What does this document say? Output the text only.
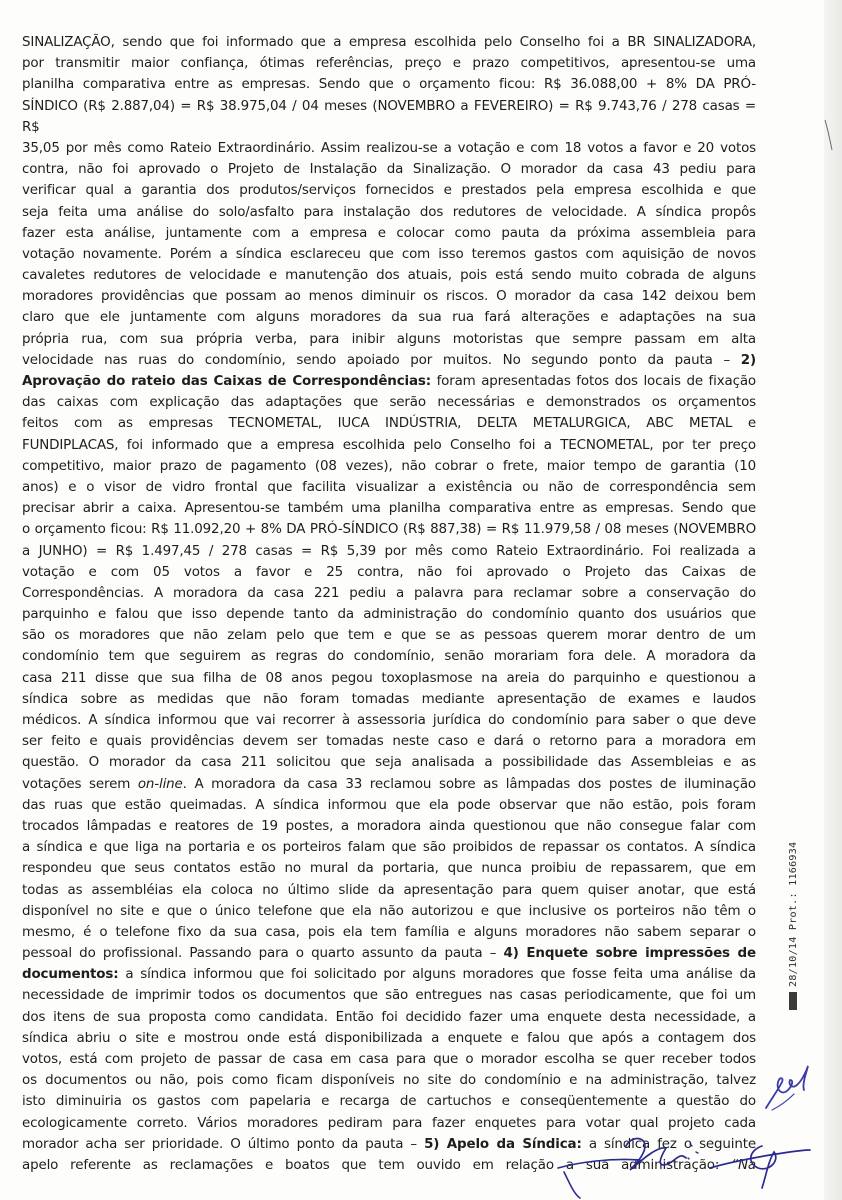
SINALIZAÇÃO, sendo que foi informado que a empresa escolhida pelo Conselho foi a BR SINALIZADORA,
por transmitir maior confiança, ótimas referências, preço e prazo competitivos, apresentou-se uma
planilha comparativa entre as empresas. Sendo que o orçamento ficou: R$ 36.088,00 + 8% DA PRÓ-
SÍNDICO (R$ 2.887,04) = R$ 38.975,04 / 04 meses (NOVEMBRO a FEVEREIRO) = R$ 9.743,76 / 278 casas = R$
35,05 por mês como Rateio Extraordinário. Assim realizou-se a votação e com 18 votos a favor e 20 votos
contra, não foi aprovado o Projeto de Instalação da Sinalização. O morador da casa 43 pediu para
verificar qual a garantia dos produtos/serviços fornecidos e prestados pela empresa escolhida e que
seja feita uma análise do solo/asfalto para instalação dos redutores de velocidade. A síndica propôs
fazer esta análise, juntamente com a empresa e colocar como pauta da próxima assembleia para
votação novamente. Porém a síndica esclareceu que com isso teremos gastos com aquisição de novos
cavaletes redutores de velocidade e manutenção dos atuais, pois está sendo muito cobrada de alguns
moradores providências que possam ao menos diminuir os riscos. O morador da casa 142 deixou bem
claro que ele juntamente com alguns moradores da sua rua fará alterações e adaptações na sua
própria rua, com sua própria verba, para inibir alguns motoristas que sempre passam em alta
velocidade nas ruas do condomínio, sendo apoiado por muitos. No segundo ponto da pauta – 2)
Aprovação do rateio das Caixas de Correspondências: foram apresentadas fotos dos locais de fixação
das caixas com explicação das adaptações que serão necessárias e demonstrados os orçamentos
feitos com as empresas TECNOMETAL, IUCA INDÚSTRIA, DELTA METALURGICA, ABC METAL e
FUNDIPLACAS, foi informado que a empresa escolhida pelo Conselho foi a TECNOMETAL, por ter preço
competitivo, maior prazo de pagamento (08 vezes), não cobrar o frete, maior tempo de garantia (10
anos) e o visor de vidro frontal que facilita visualizar a existência ou não de correspondência sem
precisar abrir a caixa. Apresentou-se também uma planilha comparativa entre as empresas. Sendo que
o orçamento ficou: R$ 11.092,20 + 8% DA PRÓ-SÍNDICO (R$ 887,38) = R$ 11.979,58 / 08 meses (NOVEMBRO
a JUNHO) = R$ 1.497,45 / 278 casas = R$ 5,39 por mês como Rateio Extraordinário. Foi realizada a
votação e com 05 votos a favor e 25 contra, não foi aprovado o Projeto das Caixas de
Correspondências. A moradora da casa 221 pediu a palavra para reclamar sobre a conservação do
parquinho e falou que isso depende tanto da administração do condomínio quanto dos usuários que
são os moradores que não zelam pelo que tem e que se as pessoas querem morar dentro de um
condomínio tem que seguirem as regras do condomínio, senão morariam fora dele. A moradora da
casa 211 disse que sua filha de 08 anos pegou toxoplasmose na areia do parquinho e questionou a
síndica sobre as medidas que não foram tomadas mediante apresentação de exames e laudos
médicos. A síndica informou que vai recorrer à assessoria jurídica do condomínio para saber o que deve
ser feito e quais providências devem ser tomadas neste caso e dará o retorno para a moradora em
questão. O morador da casa 211 solicitou que seja analisada a possibilidade das Assembleias e as
votações serem on-line. A moradora da casa 33 reclamou sobre as lâmpadas dos postes de iluminação
das ruas que estão queimadas. A síndica informou que ela pode observar que não estão, pois foram
trocados lâmpadas e reatores de 19 postes, a moradora ainda questionou que não consegue falar com
a síndica e que liga na portaria e os porteiros falam que são proibidos de repassar os contatos. A síndica
respondeu que seus contatos estão no mural da portaria, que nunca proibiu de repassarem, que em
todas as assembléias ela coloca no último slide da apresentação para quem quiser anotar, que está
disponível no site e que o único telefone que ela não autorizou e que inclusive os porteiros não têm o
mesmo, é o telefone fixo da sua casa, pois ela tem família e alguns moradores não sabem separar o
pessoal do profissional. Passando para o quarto assunto da pauta – 4) Enquete sobre impressões de
documentos: a síndica informou que foi solicitado por alguns moradores que fosse feita uma análise da
necessidade de imprimir todos os documentos que são entregues nas casas periodicamente, que foi um
dos itens de sua proposta como candidata. Então foi decidido fazer uma enquete desta necessidade, a
síndica abriu o site e mostrou onde está disponibilizada a enquete e falou que após a contagem dos
votos, está com projeto de passar de casa em casa para que o morador escolha se quer receber todos
os documentos ou não, pois como ficam disponíveis no site do condomínio e na administração, talvez
isto diminuiria os gastos com papelaria e recarga de cartuchos e conseqüentemente a questão do
ecologicamente correto. Vários moradores pediram para fazer enquetes para votar qual projeto cada
morador acha ser prioridade. O último ponto da pauta – 5) Apelo da Síndica: a síndica fez o seguinte
apelo referente as reclamações e boatos que tem ouvido em relação a sua administração: “Na
28/10/14 Prot.: 1166934
